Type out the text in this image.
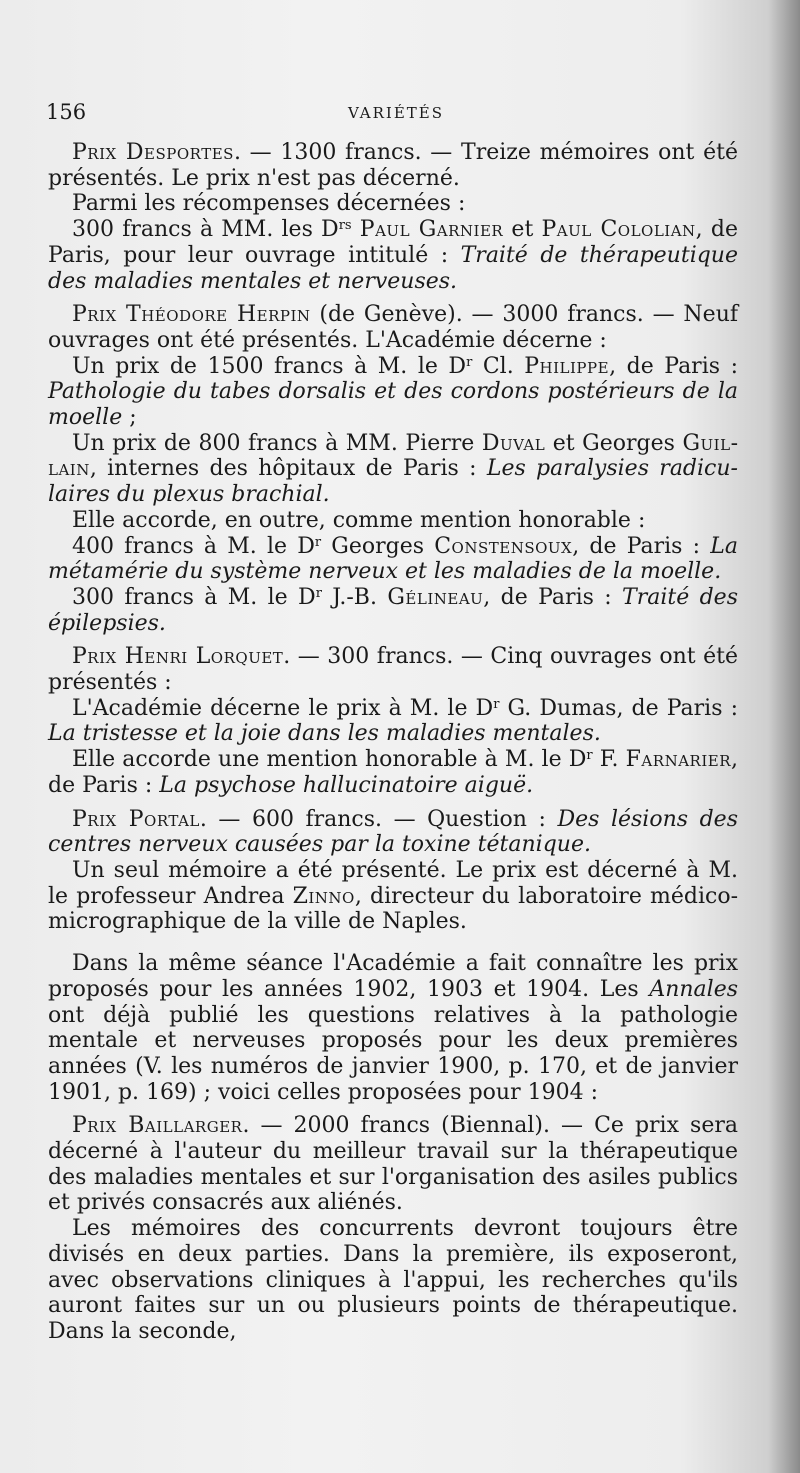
156	VARIÉTÉS

Prix Desportes. — 1300 francs. — Treize mémoires ont été présentés. Le prix n'est pas décerné.

Parmi les récompenses décernées :

300 francs à MM. les $D^{rs}$ Paul Garnier et Paul Cololian, de Paris, pour leur ouvrage intitulé : Traité de thérapeutique des maladies mentales et nerveuses.

Prix Théodore Herpin (de Genève). — 3000 francs. — Neuf ouvrages ont été présentés. L'Académie décerne :

Un prix de 1500 francs à M. le $D^r$ Cl. Philippe, de Paris : Pathologie du tabes dorsalis et des cordons postérieurs de la moelle ;

Un prix de 800 francs à MM. Pierre Duval et Georges Guillain, internes des hôpitaux de Paris : Les paralysies radiculaires du plexus brachial.

Elle accorde, en outre, comme mention honorable :

400 francs à M. le $D^r$ Georges Constensoux, de Paris : La métamérie du système nerveux et les maladies de la moelle.

300 francs à M. le $D^r$ J.-B. Gélineau, de Paris : Traité des épilepsies.

Prix Henri Lorquet. — 300 francs. — Cinq ouvrages ont été présentés :

L'Académie décerne le prix à M. le $D^r$ G. Dumas, de Paris : La tristesse et la joie dans les maladies mentales.

Elle accorde une mention honorable à M. le $D^r$ F. Farnarier, de Paris : La psychose hallucinatoire aiguë.

Prix Portal. — 600 francs. — Question : Des lésions des centres nerveux causées par la toxine tétanique.

Un seul mémoire a été présenté. Le prix est décerné à M. le professeur Andrea Zinno, directeur du laboratoire médico-micrographique de la ville de Naples.

Dans la même séance l'Académie a fait connaître les prix proposés pour les années 1902, 1903 et 1904. Les Annales ont déjà publié les questions relatives à la pathologie mentale et nerveuses proposés pour les deux premières années (V. les numéros de janvier 1900, p. 170, et de janvier 1901, p. 169) ; voici celles proposées pour 1904 :

Prix Baillarger. — 2000 francs (Biennal). — Ce prix sera décerné à l'auteur du meilleur travail sur la thérapeutique des maladies mentales et sur l'organisation des asiles publics et privés consacrés aux aliénés.

Les mémoires des concurrents devront toujours être divisés en deux parties. Dans la première, ils exposeront, avec observations cliniques à l'appui, les recherches qu'ils auront faites sur un ou plusieurs points de thérapeutique. Dans la seconde,
